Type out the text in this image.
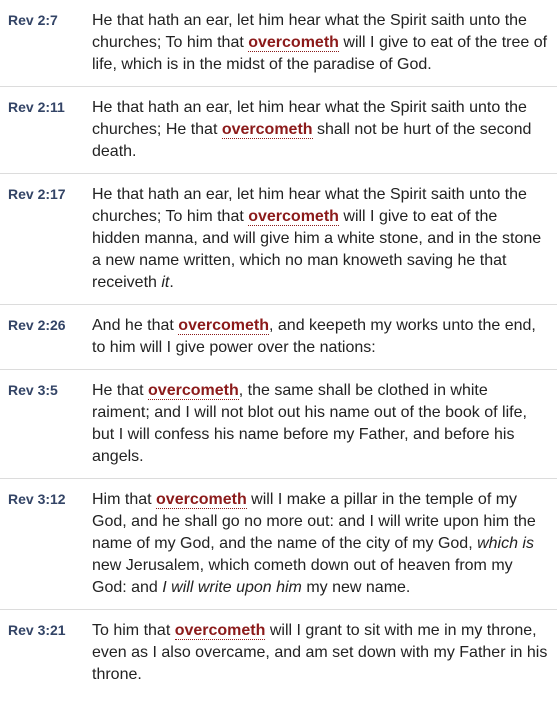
Rev 2:7	He that hath an ear, let him hear what the Spirit saith unto the churches; To him that overcometh will I give to eat of the tree of life, which is in the midst of the paradise of God.
Rev 2:11	He that hath an ear, let him hear what the Spirit saith unto the churches; He that overcometh shall not be hurt of the second death.
Rev 2:17	He that hath an ear, let him hear what the Spirit saith unto the churches; To him that overcometh will I give to eat of the hidden manna, and will give him a white stone, and in the stone a new name written, which no man knoweth saving he that receiveth it.
Rev 2:26	And he that overcometh, and keepeth my works unto the end, to him will I give power over the nations:
Rev 3:5	He that overcometh, the same shall be clothed in white raiment; and I will not blot out his name out of the book of life, but I will confess his name before my Father, and before his angels.
Rev 3:12	Him that overcometh will I make a pillar in the temple of my God, and he shall go no more out: and I will write upon him the name of my God, and the name of the city of my God, which is new Jerusalem, which cometh down out of heaven from my God: and I will write upon him my new name.
Rev 3:21	To him that overcometh will I grant to sit with me in my throne, even as I also overcame, and am set down with my Father in his throne.
